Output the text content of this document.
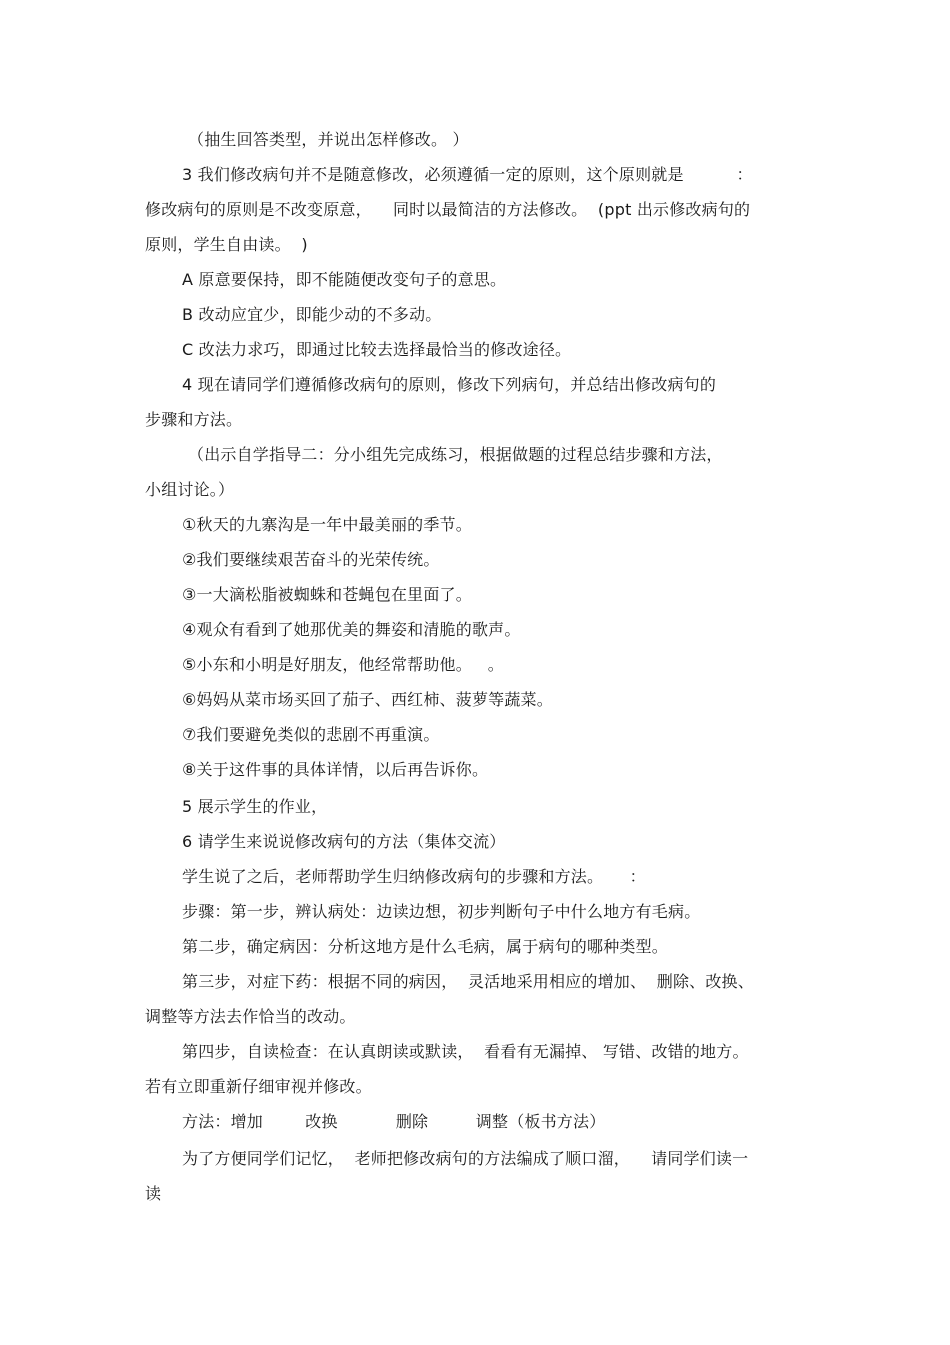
（抽生回答类型，并说出怎样修改。 ）
3 我们修改病句并不是随意修改，必须遵循一定的原则，这个原则就是          ：
修改病句的原则是不改变原意，    同时以最简洁的方法修改。  (ppt 出示修改病句的
原则，学生自由读。  )
A 原意要保持，即不能随便改变句子的意思。
B 改动应宜少，即能少动的不多动。
C 改法力求巧，即通过比较去选择最恰当的修改途径。
4 现在请同学们遵循修改病句的原则，修改下列病句，并总结出修改病句的
步骤和方法。
（出示自学指导二：分小组先完成练习，根据做题的过程总结步骤和方法，
小组讨论。）
①秋天的九寨沟是一年中最美丽的季节。
②我们要继续艰苦奋斗的光荣传统。
③一大滴松脂被蜘蛛和苍蝇包在里面了。
④观众有看到了她那优美的舞姿和清脆的歌声。
⑤小东和小明是好朋友，他经常帮助他。   。
⑥妈妈从菜市场买回了茄子、西红柿、菠萝等蔬菜。
⑦我们要避免类似的悲剧不再重演。
⑧关于这件事的具体详情，以后再告诉你。
5 展示学生的作业，
6 请学生来说说修改病句的方法（集体交流）
学生说了之后，老师帮助学生归纳修改病句的步骤和方法。     ：
步骤：第一步，辨认病处：边读边想，初步判断句子中什么地方有毛病。
第二步，确定病因：分析这地方是什么毛病，属于病句的哪种类型。
第三步，对症下药：根据不同的病因，  灵活地采用相应的增加、  删除、改换、
调整等方法去作恰当的改动。
第四步，自读检查：在认真朗读或默读，  看看有无漏掉、 写错、改错的地方。
若有立即重新仔细审视并修改。
方法：增加        改换           删除         调整（板书方法）
为了方便同学们记忆，  老师把修改病句的方法编成了顺口溜，    请同学们读一
读
